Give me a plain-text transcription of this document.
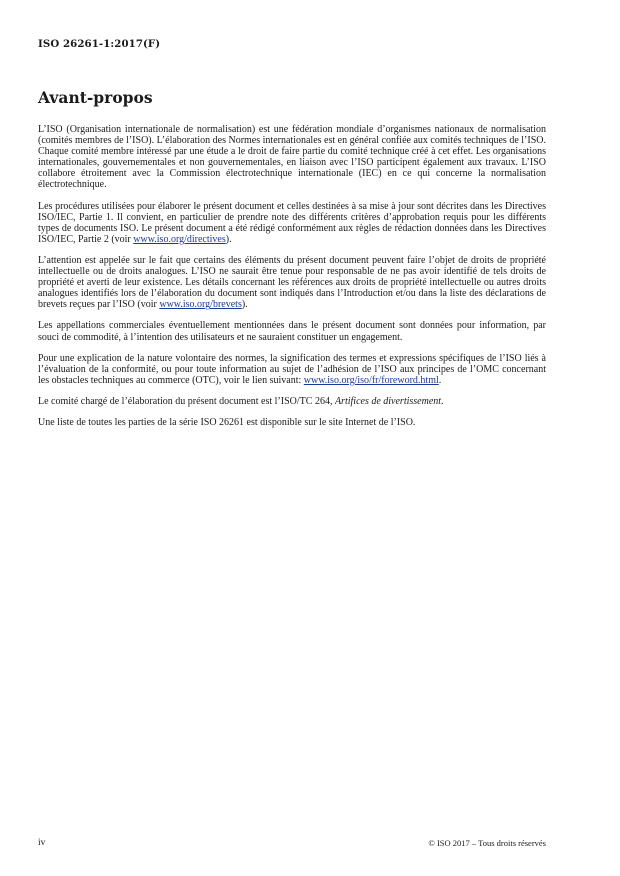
ISO 26261-1:2017(F)
Avant-propos

L’ISO (Organisation internationale de normalisation) est une fédération mondiale d’organismes nationaux de normalisation (comités membres de l’ISO). L’élaboration des Normes internationales est en général confiée aux comités techniques de l’ISO. Chaque comité membre intéressé par une étude a le droit de faire partie du comité technique créé à cet effet. Les organisations internationales, gouvernementales et non gouvernementales, en liaison avec l’ISO participent également aux travaux. L’ISO collabore étroitement avec la Commission électrotechnique internationale (IEC) en ce qui concerne la normalisation électrotechnique.

Les procédures utilisées pour élaborer le présent document et celles destinées à sa mise à jour sont décrites dans les Directives ISO/IEC, Partie 1. Il convient, en particulier de prendre note des différents critères d’approbation requis pour les différents types de documents ISO. Le présent document a été rédigé conformément aux règles de rédaction données dans les Directives ISO/IEC, Partie 2 (voir www.iso.org/directives).

L’attention est appelée sur le fait que certains des éléments du présent document peuvent faire l’objet de droits de propriété intellectuelle ou de droits analogues. L’ISO ne saurait être tenue pour responsable de ne pas avoir identifié de tels droits de propriété et averti de leur existence. Les détails concernant les références aux droits de propriété intellectuelle ou autres droits analogues identifiés lors de l’élaboration du document sont indiqués dans l’Introduction et/ou dans la liste des déclarations de brevets reçues par l’ISO (voir www.iso.org/brevets).

Les appellations commerciales éventuellement mentionnées dans le présent document sont données pour information, par souci de commodité, à l’intention des utilisateurs et ne sauraient constituer un engagement.

Pour une explication de la nature volontaire des normes, la signification des termes et expressions spécifiques de l’ISO liés à l’évaluation de la conformité, ou pour toute information au sujet de l’adhésion de l’ISO aux principes de l’OMC concernant les obstacles techniques au commerce (OTC), voir le lien suivant: www.iso.org/iso/fr/foreword.html.

Le comité chargé de l’élaboration du présent document est l’ISO/TC 264, Artifices de divertissement.

Une liste de toutes les parties de la série ISO 26261 est disponible sur le site Internet de l’ISO.

iv	© ISO 2017 – Tous droits réservés
